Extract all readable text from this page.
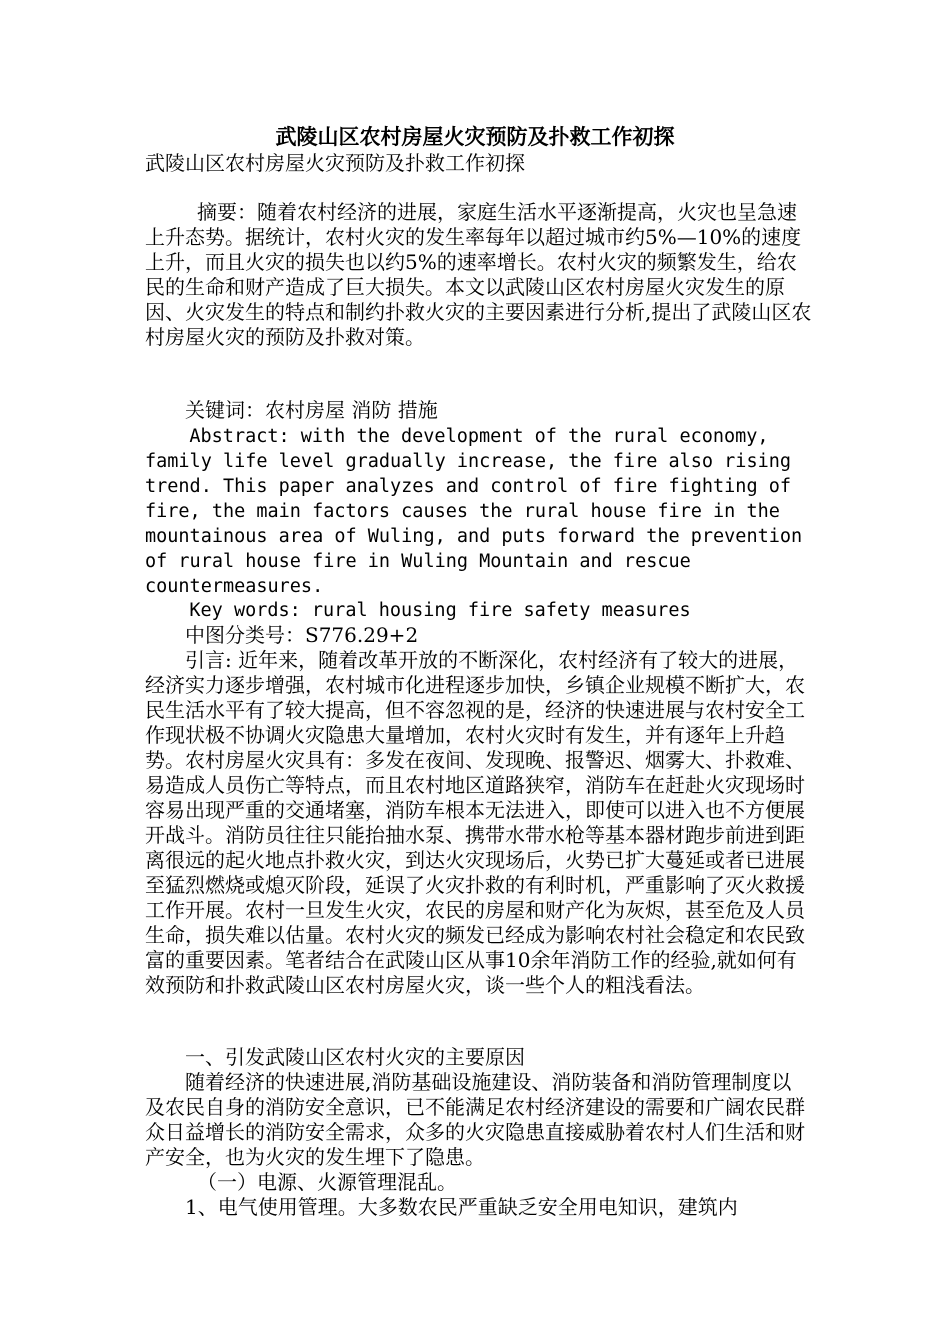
武陵山区农村房屋火灾预防及扑救工作初探

武陵山区农村房屋火灾预防及扑救工作初探

摘要：随着农村经济的进展，家庭生活水平逐渐提高，火灾也呈急速上升态势。据统计，农村火灾的发生率每年以超过城市约5%—10%的速度上升，而且火灾的损失也以约5%的速率增长。农村火灾的频繁发生，给农民的生命和财产造成了巨大损失。本文以武陵山区农村房屋火灾发生的原因、火灾发生的特点和制约扑救火灾的主要因素进行分析,提出了武陵山区农村房屋火灾的预防及扑救对策。

关键词：农村房屋 消防 措施

Abstract: with the development of the rural economy, family life level gradually increase, the fire also rising trend. This paper analyzes and control of fire fighting of fire, the main factors causes the rural house fire in the mountainous area of Wuling, and puts forward the prevention of rural house fire in Wuling Mountain and rescue countermeasures.

Key words: rural housing fire safety measures

中图分类号：S776.29+2

引言: 近年来，随着改革开放的不断深化，农村经济有了较大的进展，经济实力逐步增强，农村城市化进程逐步加快，乡镇企业规模不断扩大，农民生活水平有了较大提高，但不容忽视的是，经济的快速进展与农村安全工作现状极不协调火灾隐患大量增加，农村火灾时有发生，并有逐年上升趋势。农村房屋火灾具有：多发在夜间、发现晚、报警迟、烟雾大、扑救难、易造成人员伤亡等特点，而且农村地区道路狭窄，消防车在赶赴火灾现场时容易出现严重的交通堵塞，消防车根本无法进入，即使可以进入也不方便展开战斗。消防员往往只能抬抽水泵、携带水带水枪等基本器材跑步前进到距离很远的起火地点扑救火灾，到达火灾现场后，火势已扩大蔓延或者已进展至猛烈燃烧或熄灭阶段，延误了火灾扑救的有利时机，严重影响了灭火救援工作开展。农村一旦发生火灾，农民的房屋和财产化为灰烬，甚至危及人员生命，损失难以估量。农村火灾的频发已经成为影响农村社会稳定和农民致富的重要因素。笔者结合在武陵山区从事10余年消防工作的经验,就如何有效预防和扑救武陵山区农村房屋火灾，谈一些个人的粗浅看法。

一、引发武陵山区农村火灾的主要原因

随着经济的快速进展,消防基础设施建设、消防装备和消防管理制度以及农民自身的消防安全意识，已不能满足农村经济建设的需要和广阔农民群众日益增长的消防安全需求，众多的火灾隐患直接威胁着农村人们生活和财产安全，也为火灾的发生埋下了隐患。

（一）电源、火源管理混乱。

1、电气使用管理。大多数农民严重缺乏安全用电知识，建筑内
